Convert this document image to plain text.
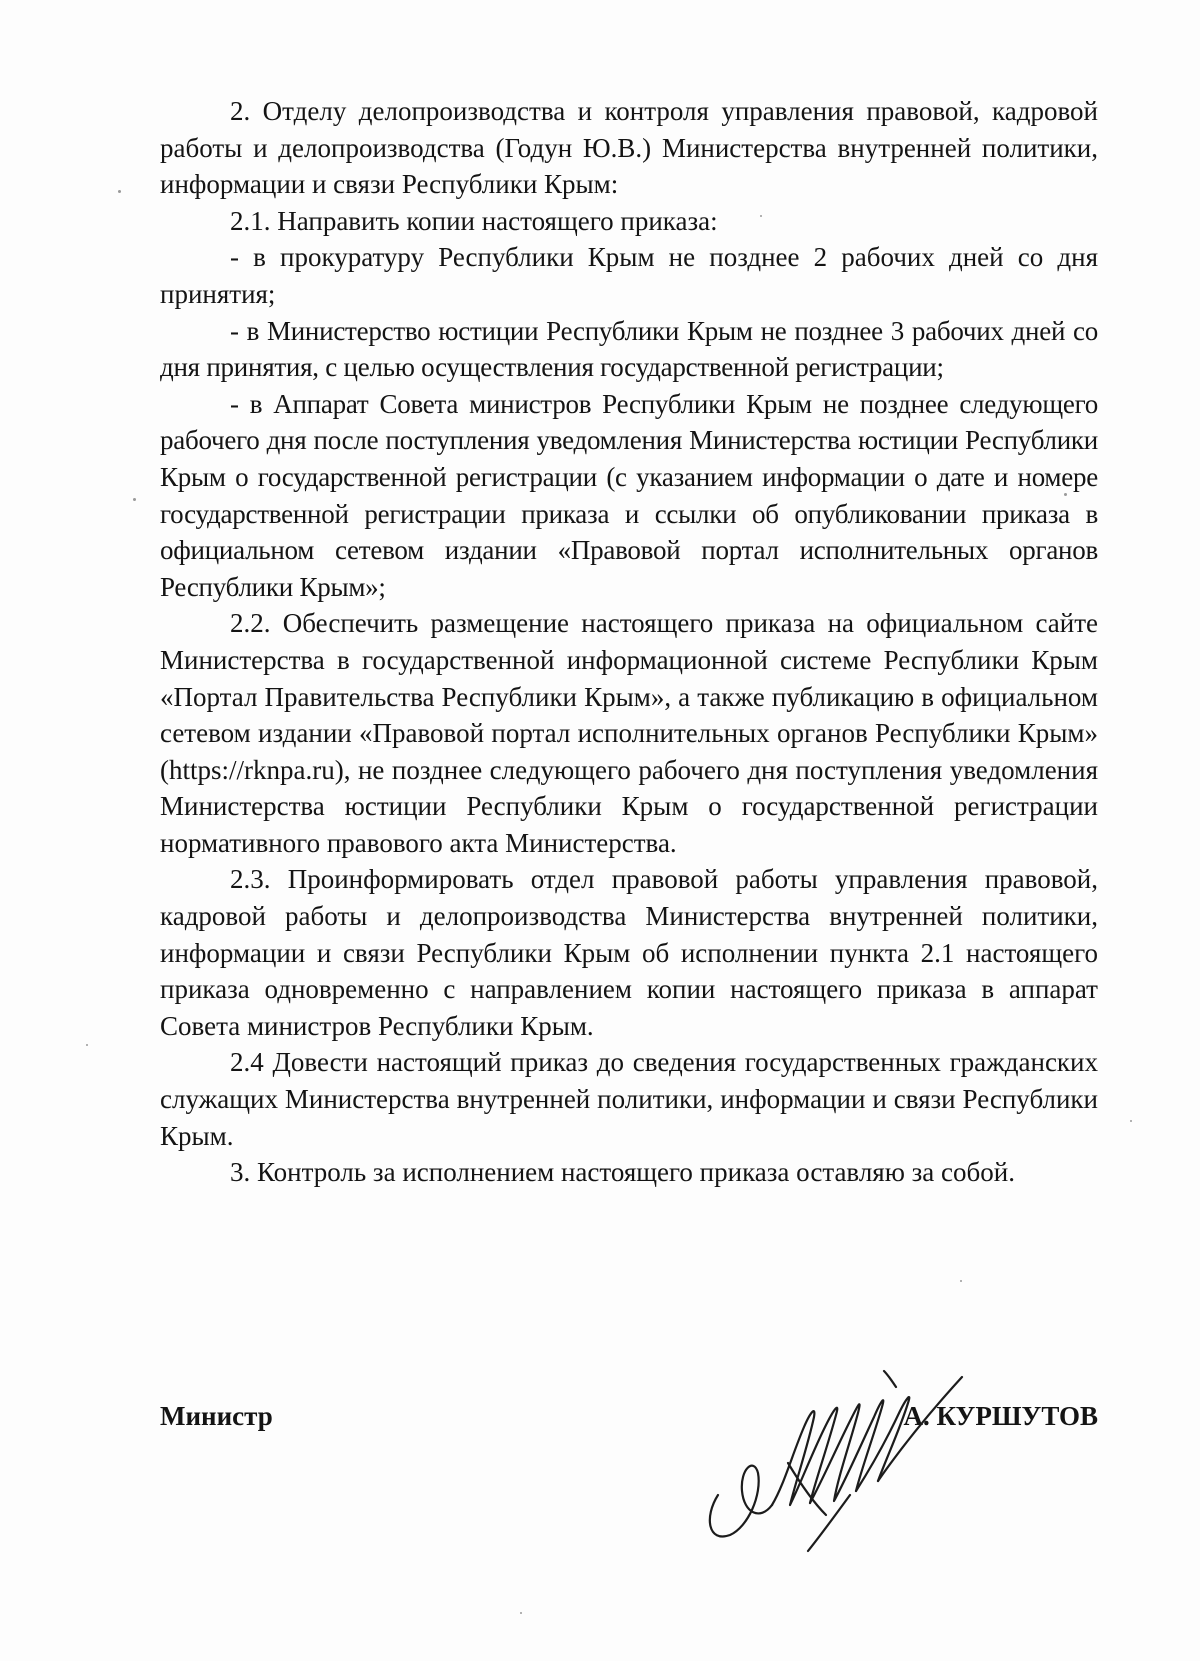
2. Отделу делопроизводства и контроля управления правовой, кадровой работы и делопроизводства (Годун Ю.В.) Министерства внутренней политики, информации и связи Республики Крым:

2.1. Направить копии настоящего приказа:

- в прокуратуру Республики Крым не позднее 2 рабочих дней со дня принятия;

- в Министерство юстиции Республики Крым не позднее 3 рабочих дней со дня принятия, с целью осуществления государственной регистрации;

- в Аппарат Совета министров Республики Крым не позднее следующего рабочего дня после поступления уведомления Министерства юстиции Республики Крым о государственной регистрации (с указанием информации о дате и номере государственной регистрации приказа и ссылки об опубликовании приказа в официальном сетевом издании «Правовой портал исполнительных органов Республики Крым»;

2.2. Обеспечить размещение настоящего приказа на официальном сайте Министерства в государственной информационной системе Республики Крым «Портал Правительства Республики Крым», а также публикацию в официальном сетевом издании «Правовой портал исполнительных органов Республики Крым» (https://rknpa.ru), не позднее следующего рабочего дня поступления уведомления Министерства юстиции Республики Крым о государственной регистрации нормативного правового акта Министерства.

2.3. Проинформировать отдел правовой работы управления правовой, кадровой работы и делопроизводства Министерства внутренней политики, информации и связи Республики Крым об исполнении пункта 2.1 настоящего приказа одновременно с направлением копии настоящего приказа в аппарат Совета министров Республики Крым.

2.4 Довести настоящий приказ до сведения государственных гражданских служащих Министерства внутренней политики, информации и связи Республики Крым.

3. Контроль за исполнением настоящего приказа оставляю за собой.

Министр	А. КУРШУТОВ
